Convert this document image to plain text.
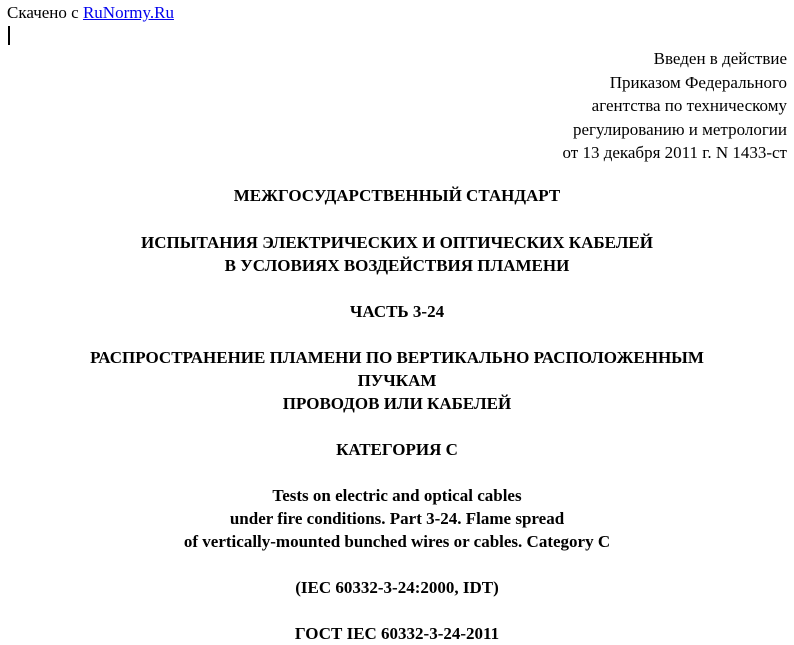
Скачено с RuNormy.Ru
Введен в действие
Приказом Федерального
агентства по техническому
регулированию и метрологии
от 13 декабря 2011 г. N 1433-ст
МЕЖГОСУДАРСТВЕННЫЙ СТАНДАРТ
ИСПЫТАНИЯ ЭЛЕКТРИЧЕСКИХ И ОПТИЧЕСКИХ КАБЕЛЕЙ
В УСЛОВИЯХ ВОЗДЕЙСТВИЯ ПЛАМЕНИ
ЧАСТЬ 3-24
РАСПРОСТРАНЕНИЕ ПЛАМЕНИ ПО ВЕРТИКАЛЬНО РАСПОЛОЖЕННЫМ
ПУЧКАМ
ПРОВОДОВ ИЛИ КАБЕЛЕЙ
КАТЕГОРИЯ С
Tests on electric and optical cables
under fire conditions. Part 3-24. Flame spread
of vertically-mounted bunched wires or cables. Category C
(IEC 60332-3-24:2000, IDT)
ГОСТ IEC 60332-3-24-2011
